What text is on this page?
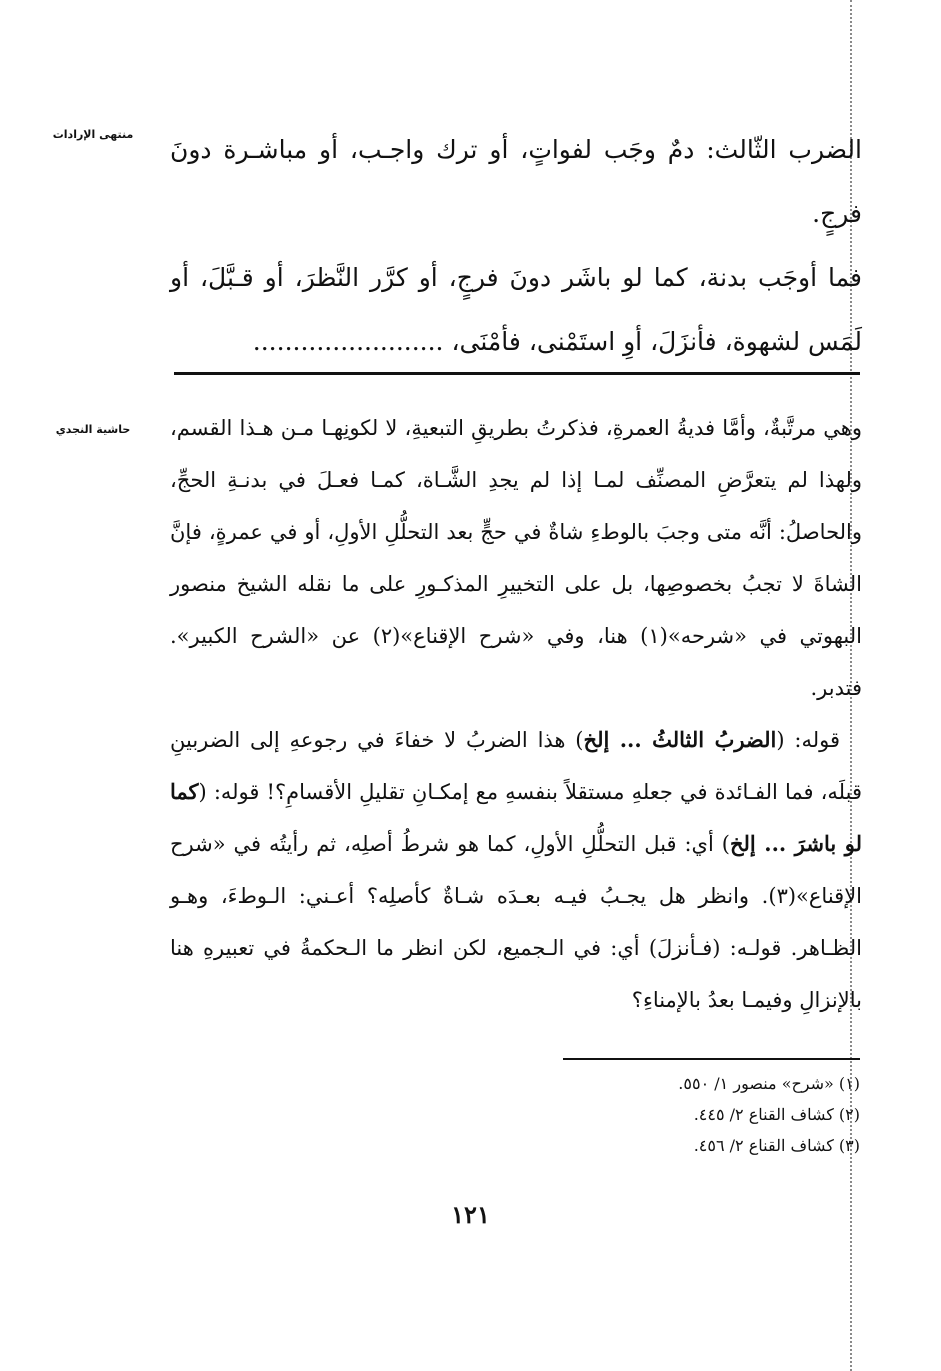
منتهى الإرادات

الضرب الثّالث: دمٌ وجَب لفواتٍ، أو ترك واجـب، أو مباشـرة دونَ فرجٍ.

فما أوجَب بدنة، كما لو باشَر دونَ فرجٍ، أو كرَّر النَّظرَ، أو قـبَّلَ، أو لَمَس لشهوة، فأنزَلَ، أوِ استَمْنى، فأمْنَى، ........................

حاشية النجدي	وهي مرتَّبةٌ، وأمَّا فديةُ العمرةِ، فذكرتُ بطريقِ التبعيةِ، لا لكونِهـا مـن هـذا القسم، ولهذا لم يتعرَّضِ المصنِّف لمـا إذا لم يجدِ الشَّـاة، كمـا فعـلَ في بدنـةِ الحجِّ، والحاصلُ: أنَّه متى وجبَ بالوطءِ شاةٌ في حجٍّ بعد التحلُّلِ الأولِ، أو في عمرةٍ، فإنَّ الشاةَ لا تجبُ بخصوصِها، بل على التخييرِ المذكـورِ على ما نقله الشيخ منصور البهوتي في «شرحه»(١) هنا، وفي «شرح الإقناع»(٢) عن «الشرح الكبير». فتدبر.

قوله: (الضربُ الثالثُ ... إلخ) هذا الضربُ لا خفاءَ في رجوعهِ إلى الضربينِ قبلَه، فما الفـائدة في جعلهِ مستقلاً بنفسهِ مع إمكـانِ تقليلِ الأقسامِ؟! قوله: (كما لو باشرَ ... إلخ) أي: قبل التحلُّلِ الأولِ، كما هو شرطُ أصلِه، ثم رأيتُه في «شرح الإقناع»(٣). وانظر هل يجـبُ فيـه بعـدَه شـاةٌ كأصلِه؟ أعـني: الـوطءَ، وهـو الظـاهر. قولـه: (فـأنزلَ) أي: في الـجميع، لكن انظر ما الـحكمةُ في تعبيرهِ هنا بالإنزالِ وفيمـا بعدُ بالإمناءِ؟

(١) «شرح» منصور ١/ ٥٥٠.
(٢) كشاف القناع ٢/ ٤٤٥.
(٣) كشاف القناع ٢/ ٤٥٦.
١٢١
